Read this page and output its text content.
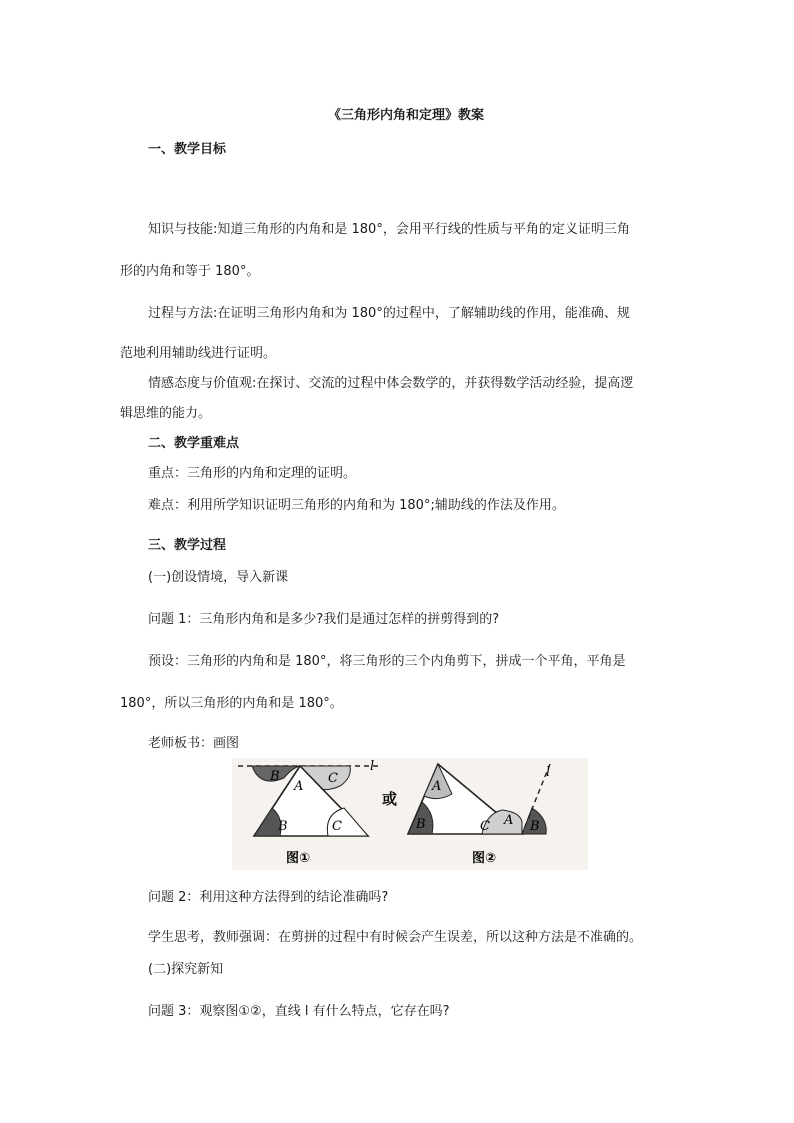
《三角形内角和定理》教案
一、教学目标
知识与技能:知道三角形的内角和是 180°，会用平行线的性质与平角的定义证明三角
形的内角和等于 180°。
过程与方法:在证明三角形内角和为 180°的过程中，了解辅助线的作用，能准确、规
范地利用辅助线进行证明。
情感态度与价值观:在探讨、交流的过程中体会数学的，并获得数学活动经验，提高逻
辑思维的能力。
二、教学重难点
重点：三角形的内角和定理的证明。
难点：利用所学知识证明三角形的内角和为 180°;辅助线的作法及作用。
三、教学过程
(一)创设情境，导入新课
问题 1：三角形内角和是多少?我们是通过怎样的拼剪得到的?
预设：三角形的内角和是 180°，将三角形的三个内角剪下，拼成一个平角，平角是
180°，所以三角形的内角和是 180°。
老师板书：画图
l
B
A
C
B	C
图①
或
l
A
B	C A B
图②
问题 2：利用这种方法得到的结论准确吗?
学生思考，教师强调：在剪拼的过程中有时候会产生误差，所以这种方法是不准确的。
(二)探究新知
问题 3：观察图①②，直线 l 有什么特点，它存在吗?
